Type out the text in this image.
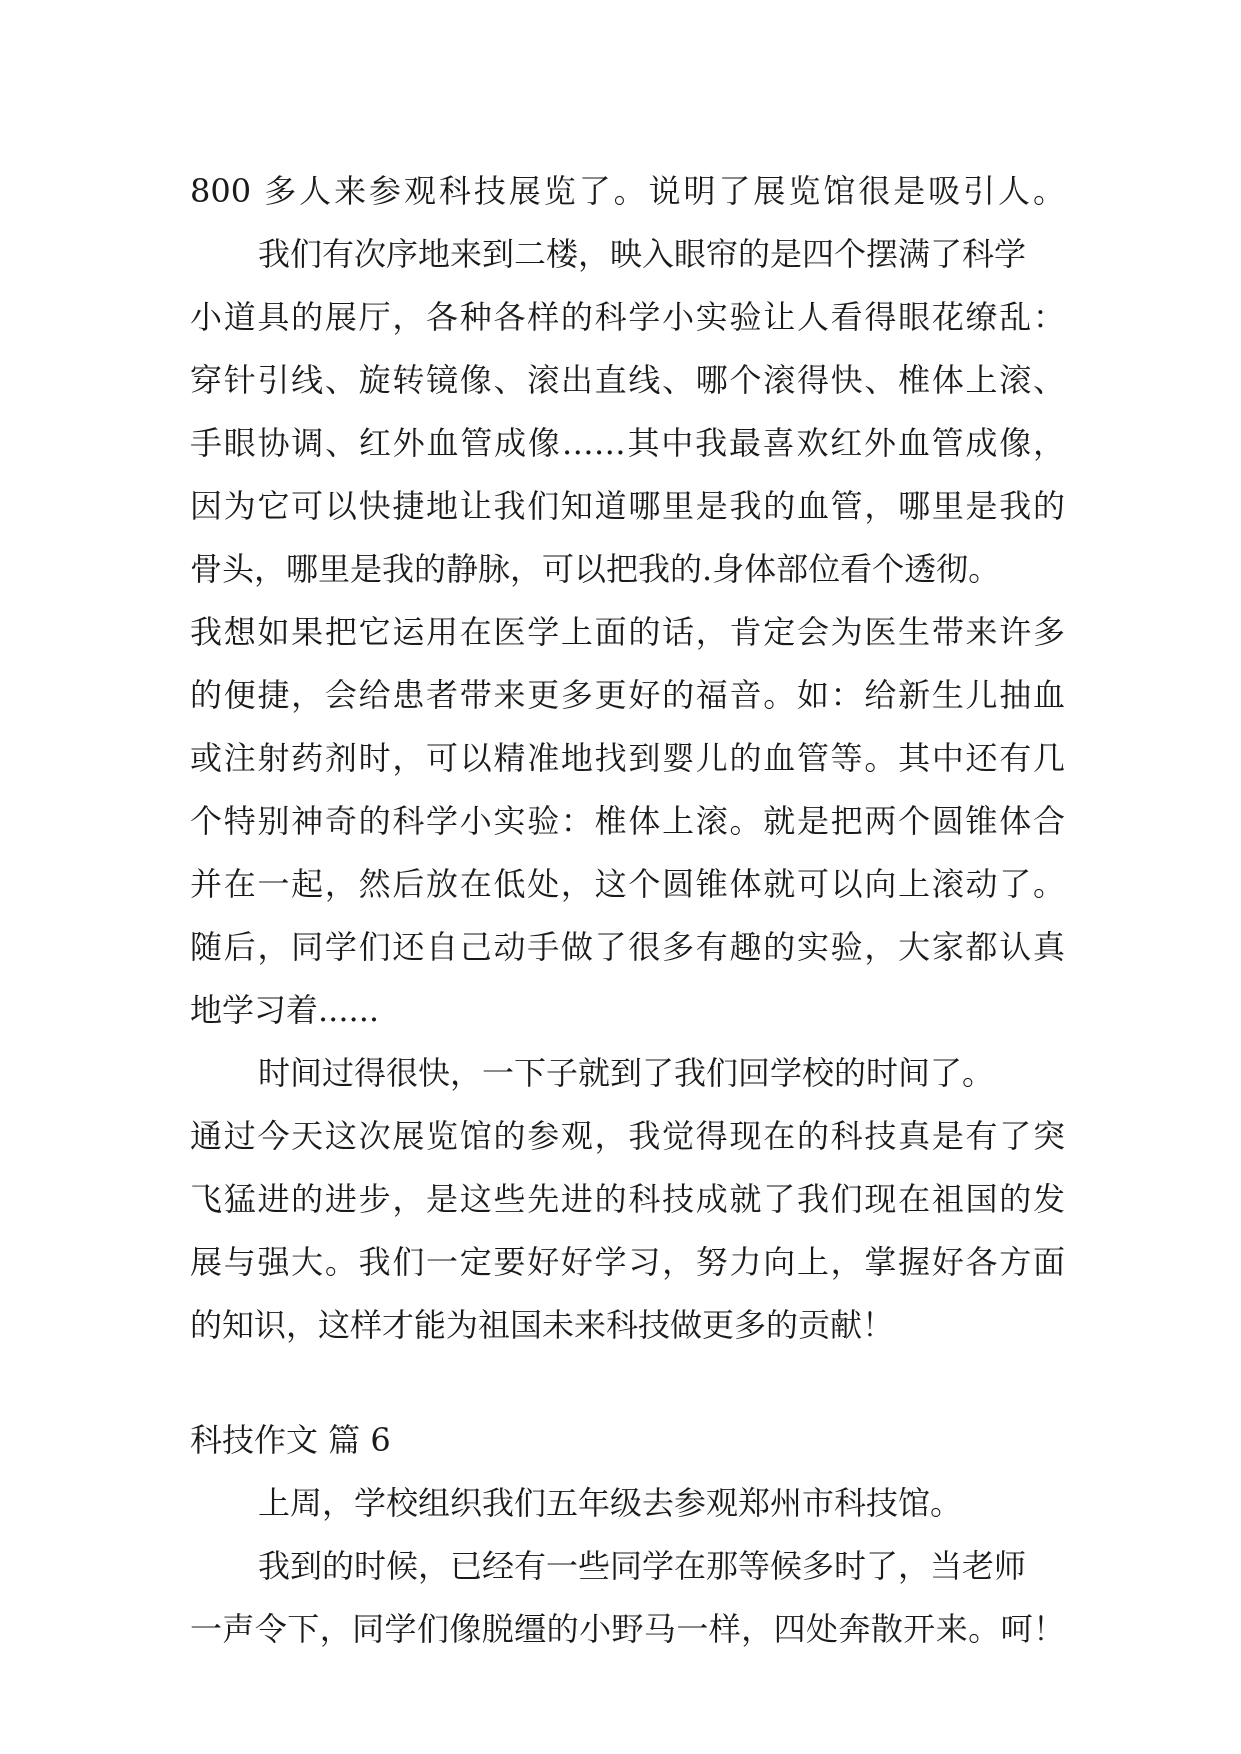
800 多人来参观科技展览了。说明了展览馆很是吸引人。
我们有次序地来到二楼，映入眼帘的是四个摆满了科学
小道具的展厅，各种各样的科学小实验让人看得眼花缭乱：
穿针引线、旋转镜像、滚出直线、哪个滚得快、椎体上滚、
手眼协调、红外血管成像……其中我最喜欢红外血管成像，
因为它可以快捷地让我们知道哪里是我的血管，哪里是我的
骨头，哪里是我的静脉，可以把我的.身体部位看个透彻。
我想如果把它运用在医学上面的话，肯定会为医生带来许多
的便捷，会给患者带来更多更好的福音。如：给新生儿抽血
或注射药剂时，可以精准地找到婴儿的血管等。其中还有几
个特别神奇的科学小实验：椎体上滚。就是把两个圆锥体合
并在一起，然后放在低处，这个圆锥体就可以向上滚动了。
随后，同学们还自己动手做了很多有趣的实验，大家都认真
地学习着......
时间过得很快，一下子就到了我们回学校的时间了。
通过今天这次展览馆的参观，我觉得现在的科技真是有了突
飞猛进的进步，是这些先进的科技成就了我们现在祖国的发
展与强大。我们一定要好好学习，努力向上，掌握好各方面
的知识，这样才能为祖国未来科技做更多的贡献！
科技作文 篇 6
上周，学校组织我们五年级去参观郑州市科技馆。
我到的时候，已经有一些同学在那等候多时了，当老师
一声令下，同学们像脱缰的小野马一样，四处奔散开来。呵！
